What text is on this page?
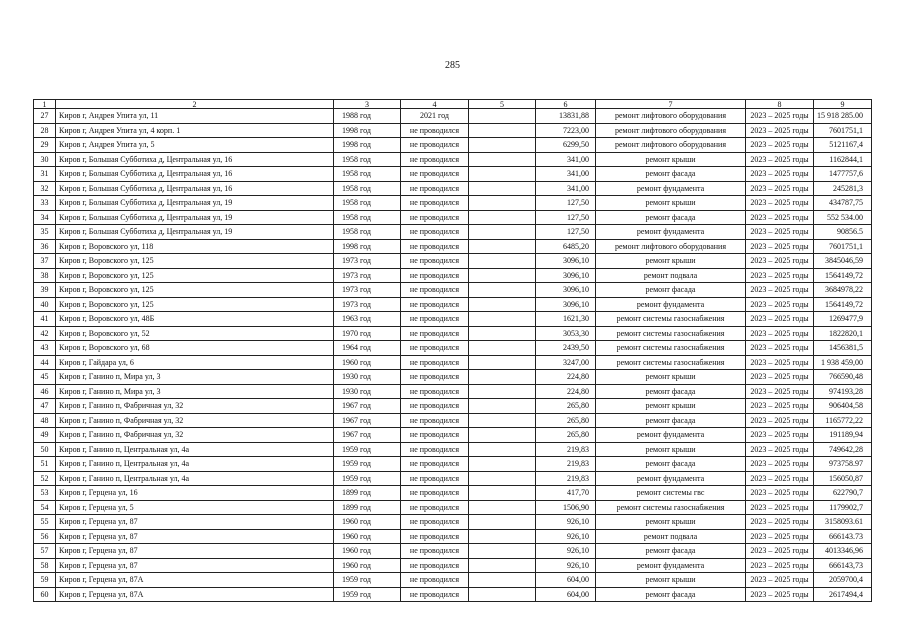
285
1	2	3	4	5	6	7	8	9
27	Киров г, Андрея Упита ул, 11	1988 год	2021 год		13831,88	ремонт лифтового оборудования	2023 – 2025 годы	15 918 285.00
28	Киров г, Андрея Упита ул, 4 корп. 1	1998 год	не проводился		7223,00	ремонт лифтового оборудования	2023 – 2025 годы	7601751,1
29	Киров г, Андрея Упита ул, 5	1998 год	не проводился		6299,50	ремонт лифтового оборудования	2023 – 2025 годы	5121167,4
30	Киров г, Большая Субботиха д, Центральная ул, 16	1958 год	не проводился		341,00	ремонт крыши	2023 – 2025 годы	1162844,1
31	Киров г, Большая Субботиха д, Центральная ул, 16	1958 год	не проводился		341,00	ремонт фасада	2023 – 2025 годы	1477757,6
32	Киров г, Большая Субботиха д, Центральная ул, 16	1958 год	не проводился		341,00	ремонт фундамента	2023 – 2025 годы	245281,3
33	Киров г, Большая Субботиха д, Центральная ул, 19	1958 год	не проводился		127,50	ремонт крыши	2023 – 2025 годы	434787,75
34	Киров г, Большая Субботиха д, Центральная ул, 19	1958 год	не проводился		127,50	ремонт фасада	2023 – 2025 годы	552 534.00
35	Киров г, Большая Субботиха д, Центральная ул, 19	1958 год	не проводился		127,50	ремонт фундамента	2023 – 2025 годы	90856.5
36	Киров г, Воровского ул, 118	1998 год	не проводился		6485,20	ремонт лифтового оборудования	2023 – 2025 годы	7601751,1
37	Киров г, Воровского ул, 125	1973 год	не проводился		3096,10	ремонт крыши	2023 – 2025 годы	3845046,59
38	Киров г, Воровского ул, 125	1973 год	не проводился		3096,10	ремонт подвала	2023 – 2025 годы	1564149,72
39	Киров г, Воровского ул, 125	1973 год	не проводился		3096,10	ремонт фасада	2023 – 2025 годы	3684978,22
40	Киров г, Воровского ул, 125	1973 год	не проводился		3096,10	ремонт фундамента	2023 – 2025 годы	1564149,72
41	Киров г, Воровского ул, 48Б	1963 год	не проводился		1621,30	ремонт системы газоснабжения	2023 – 2025 годы	1269477,9
42	Киров г, Воровского ул, 52	1970 год	не проводился		3053,30	ремонт системы газоснабжения	2023 – 2025 годы	1822820,1
43	Киров г, Воровского ул, 68	1964 год	не проводился		2439,50	ремонт системы газоснабжения	2023 – 2025 годы	1456381,5
44	Киров г, Гайдара ул, 6	1960 год	не проводился		3247,00	ремонт системы газоснабжения	2023 – 2025 годы	1 938 459,00
45	Киров г, Ганино п, Мира ул, 3	1930 год	не проводился		224,80	ремонт крыши	2023 – 2025 годы	766590,48
46	Киров г, Ганино п, Мира ул, 3	1930 год	не проводился		224,80	ремонт фасада	2023 – 2025 годы	974193,28
47	Киров г, Ганино п, Фабричная ул, 32	1967 год	не проводился		265,80	ремонт крыши	2023 – 2025 годы	906404,58
48	Киров г, Ганино п, Фабричная ул, 32	1967 год	не проводился		265,80	ремонт фасада	2023 – 2025 годы	1165772,22
49	Киров г, Ганино п, Фабричная ул, 32	1967 год	не проводился		265,80	ремонт фундамента	2023 – 2025 годы	191189,94
50	Киров г, Ганино п, Центральная ул, 4а	1959 год	не проводился		219,83	ремонт крыши	2023 – 2025 годы	749642,28
51	Киров г, Ганино п, Центральная ул, 4а	1959 год	не проводился		219,83	ремонт фасада	2023 – 2025 годы	973758.97
52	Киров г, Ганино п, Центральная ул, 4а	1959 год	не проводился		219,83	ремонт фундамента	2023 – 2025 годы	156050,87
53	Киров г, Герцена ул, 16	1899 год	не проводился		417,70	ремонт системы гвс	2023 – 2025 годы	622790,7
54	Киров г, Герцена ул, 5	1899 год	не проводился		1506,90	ремонт системы газоснабжения	2023 – 2025 годы	1179902,7
55	Киров г, Герцена ул, 87	1960 год	не проводился		926,10	ремонт крыши	2023 – 2025 годы	3158093.61
56	Киров г, Герцена ул, 87	1960 год	не проводился		926,10	ремонт подвала	2023 – 2025 годы	666143.73
57	Киров г, Герцена ул, 87	1960 год	не проводился		926,10	ремонт фасада	2023 – 2025 годы	4013346,96
58	Киров г, Герцена ул, 87	1960 год	не проводился		926,10	ремонт фундамента	2023 – 2025 годы	666143,73
59	Киров г, Герцена ул, 87А	1959 год	не проводился		604,00	ремонт крыши	2023 – 2025 годы	2059700,4
60	Киров г, Герцена ул, 87А	1959 год	не проводился		604,00	ремонт фасада	2023 – 2025 годы	2617494,4
